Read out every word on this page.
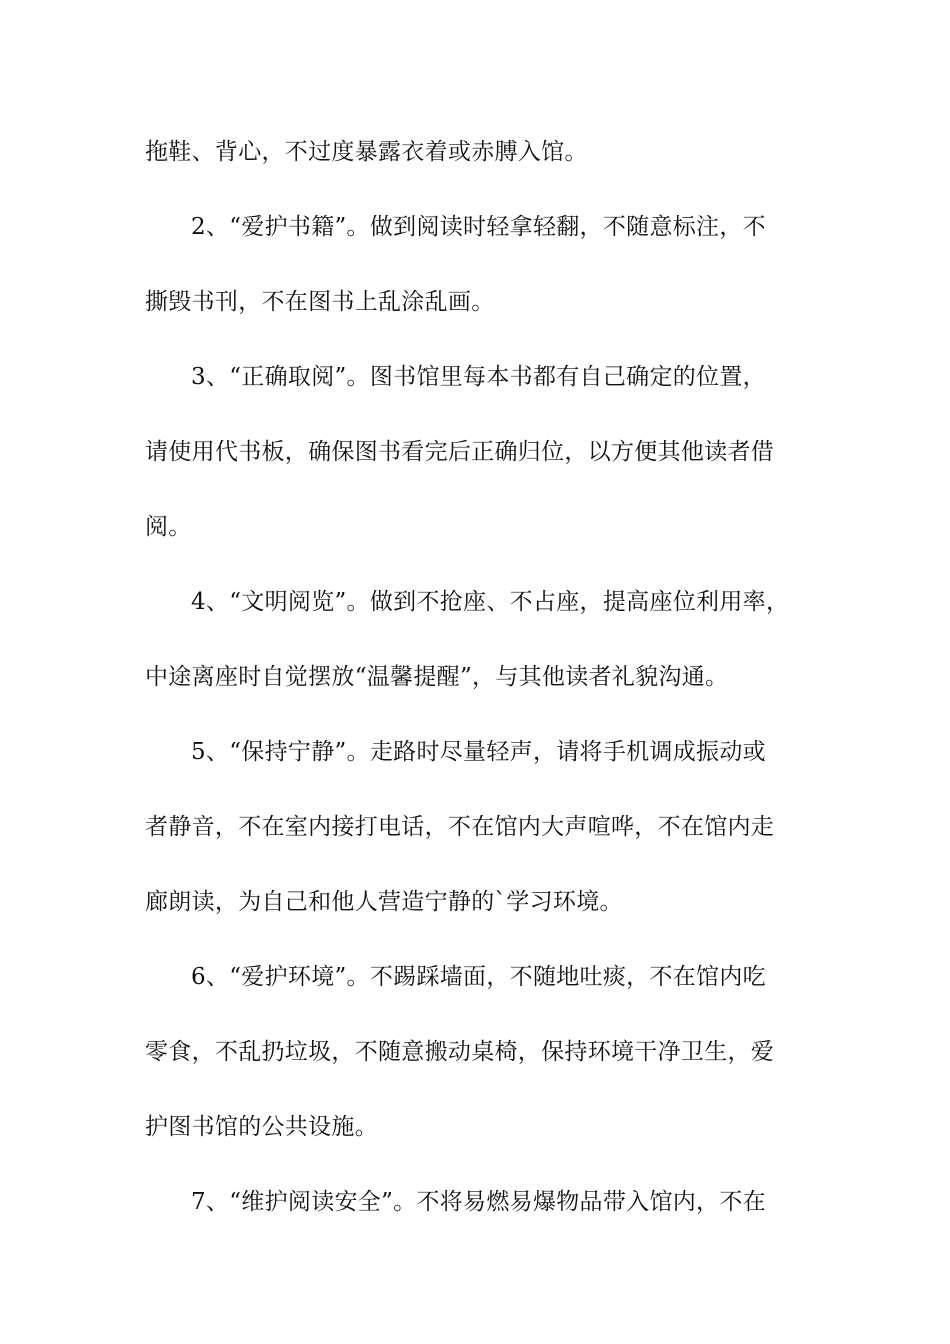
拖鞋、背心，不过度暴露衣着或赤膊入馆。
2、“爱护书籍”。做到阅读时轻拿轻翻，不随意标注，不
撕毁书刊，不在图书上乱涂乱画。
3、“正确取阅”。图书馆里每本书都有自己确定的位置，
请使用代书板，确保图书看完后正确归位，以方便其他读者借
阅。
4、“文明阅览”。做到不抢座、不占座，提高座位利用率，
中途离座时自觉摆放“温馨提醒”，与其他读者礼貌沟通。
5、“保持宁静”。走路时尽量轻声，请将手机调成振动或
者静音，不在室内接打电话，不在馆内大声喧哗，不在馆内走
廊朗读，为自己和他人营造宁静的`学习环境。
6、“爱护环境”。不踢踩墙面，不随地吐痰，不在馆内吃
零食，不乱扔垃圾，不随意搬动桌椅，保持环境干净卫生，爱
护图书馆的公共设施。
7、“维护阅读安全”。不将易燃易爆物品带入馆内，不在
